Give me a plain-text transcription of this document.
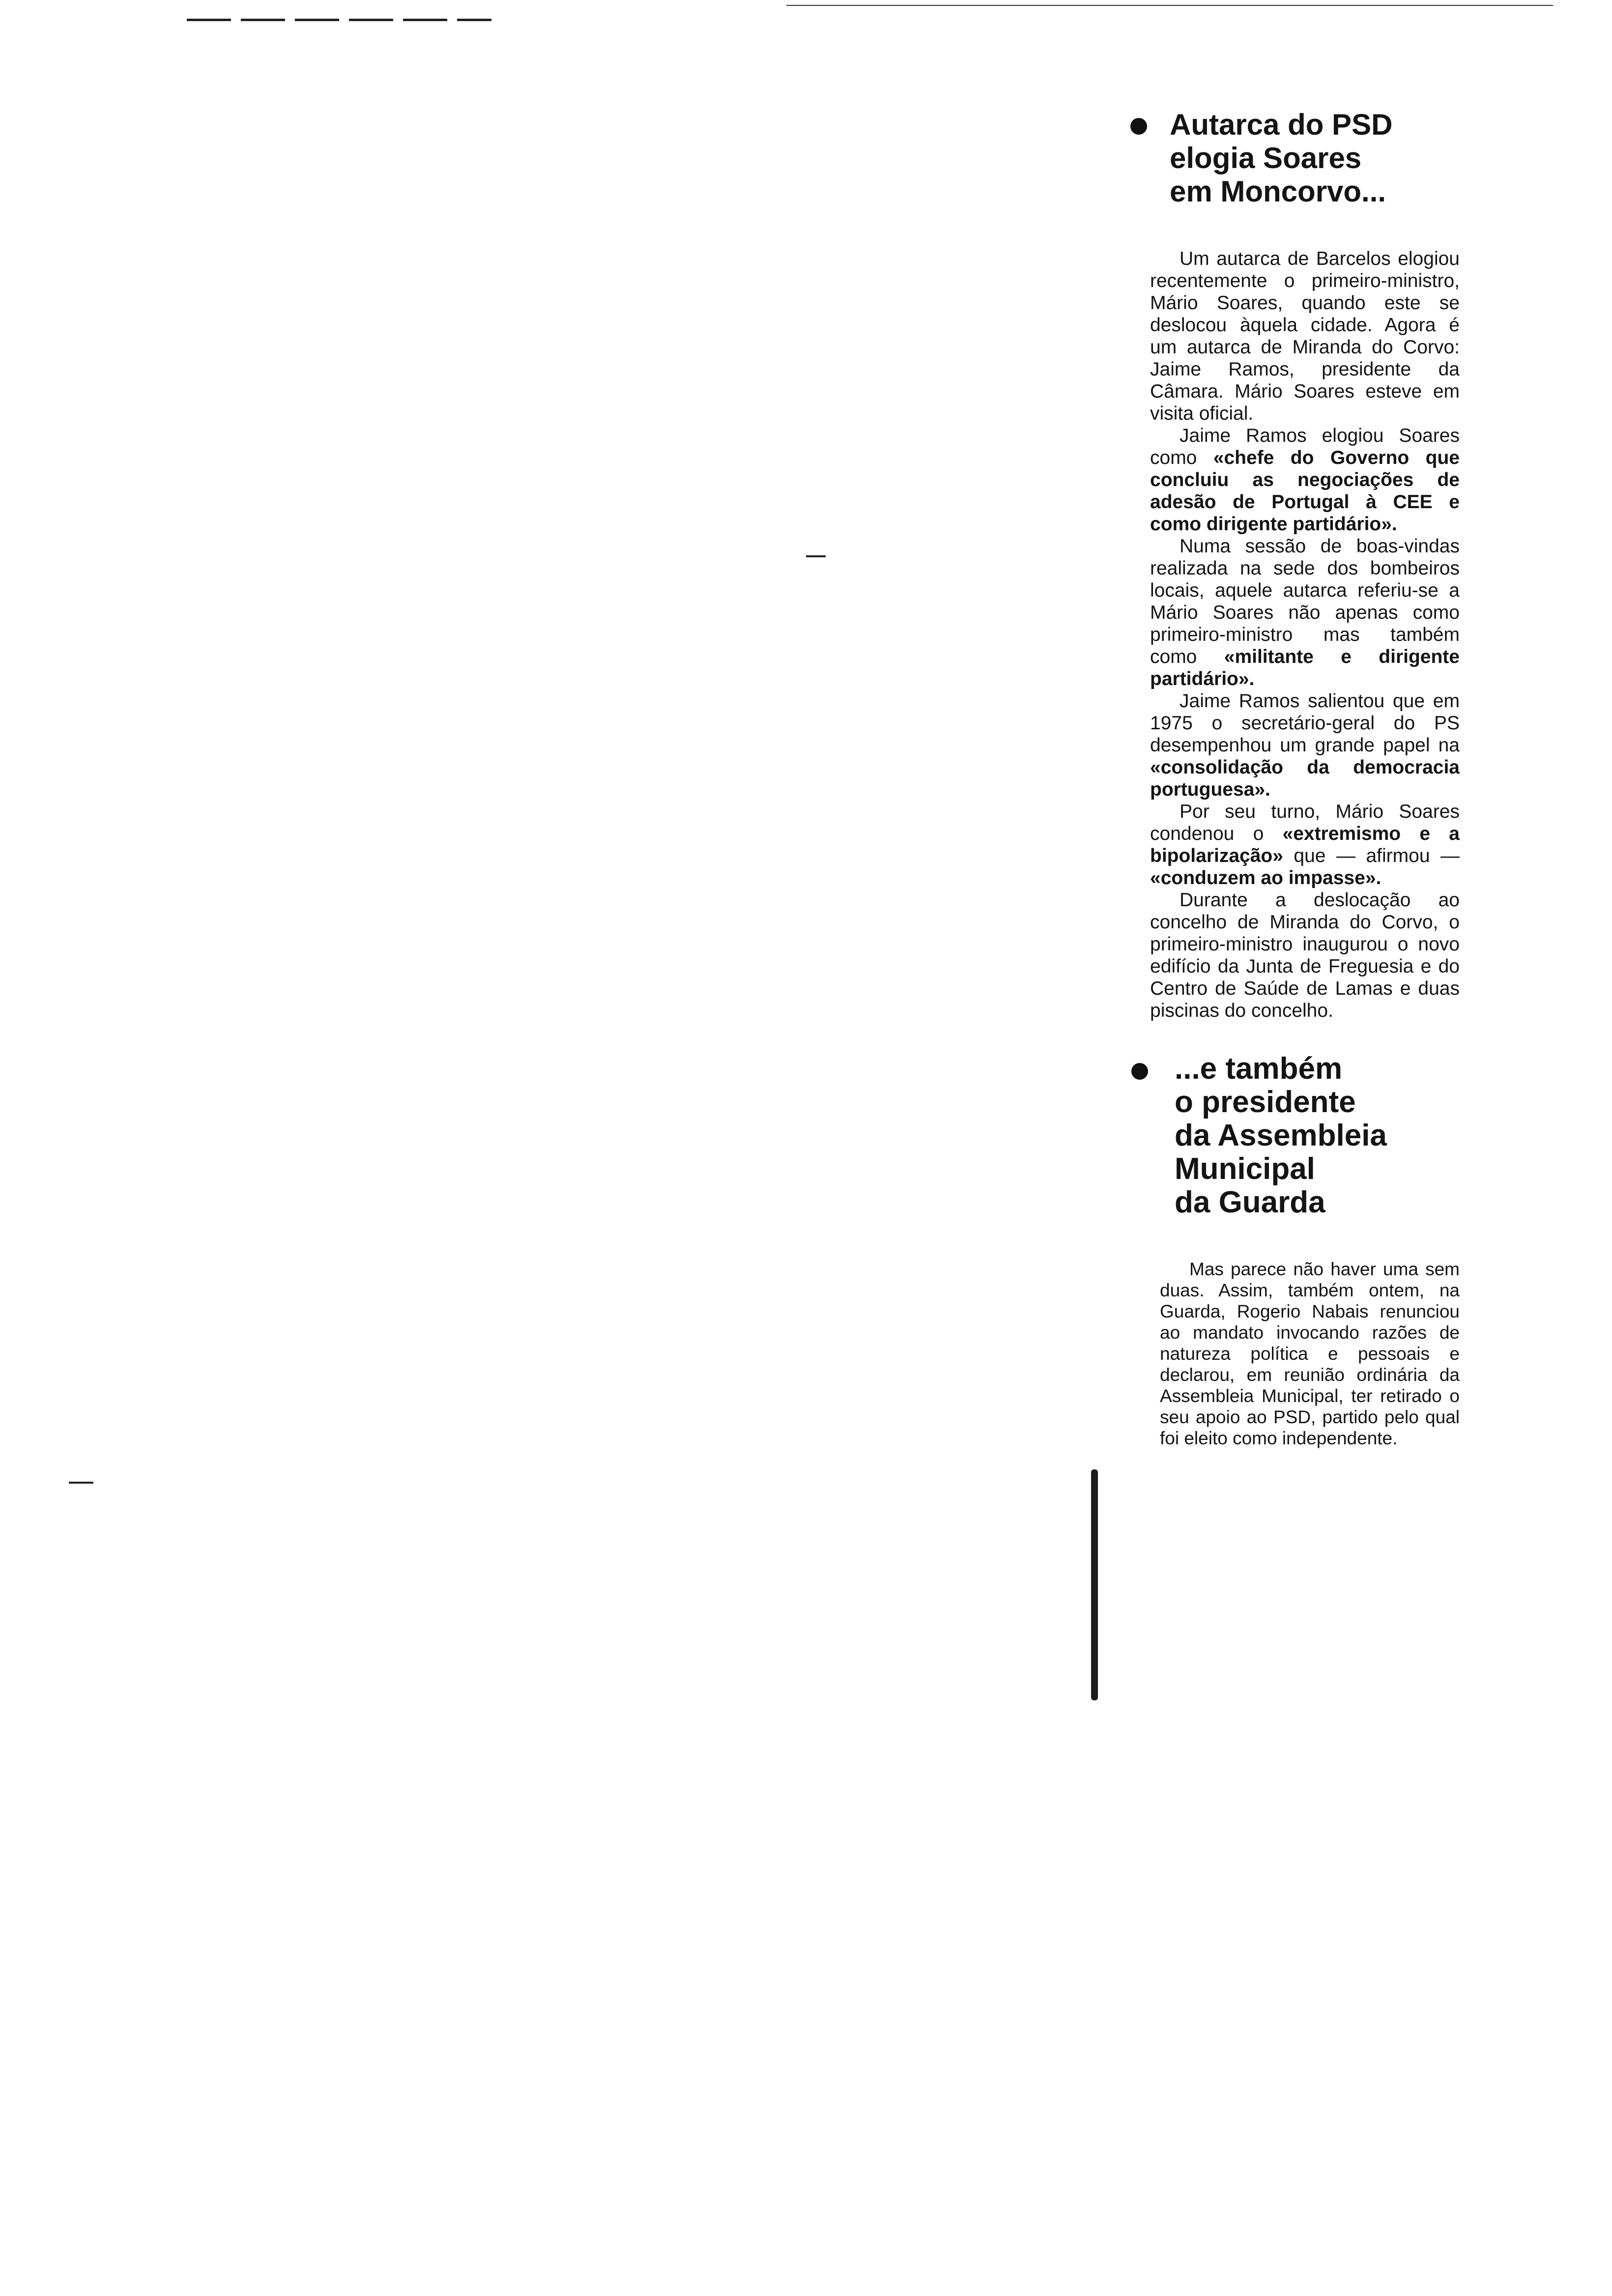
Autarca do PSD
elogia Soares
em Moncorvo...

Um autarca de Barcelos elogiou recentemente o primeiro-ministro, Mário Soares, quando este se deslocou àquela cidade. Agora é um autarca de Miranda do Corvo: Jaime Ramos, presidente da Câmara. Mário Soares esteve em visita oficial.

Jaime Ramos elogiou Soares como «chefe do Governo que concluiu as negociações de adesão de Portugal à CEE e como dirigente partidário».

Numa sessão de boas-vindas realizada na sede dos bombeiros locais, aquele autarca referiu-se a Mário Soares não apenas como primeiro-ministro mas também como «militante e dirigente partidário».

Jaime Ramos salientou que em 1975 o secretário-geral do PS desempenhou um grande papel na «consolidação da democracia portuguesa».

Por seu turno, Mário Soares condenou o «extremismo e a bipolarização» que — afirmou — «conduzem ao impasse».

Durante a deslocação ao concelho de Miranda do Corvo, o primeiro-ministro inaugurou o novo edifício da Junta de Freguesia e do Centro de Saúde de Lamas e duas piscinas do concelho.

...e também
o presidente
da Assembleia
Municipal
da Guarda

Mas parece não haver uma sem duas. Assim, também ontem, na Guarda, Rogerio Nabais renunciou ao mandato invocando razões de natureza política e pessoais e declarou, em reunião ordinária da Assembleia Municipal, ter retirado o seu apoio ao PSD, partido pelo qual foi eleito como independente.
